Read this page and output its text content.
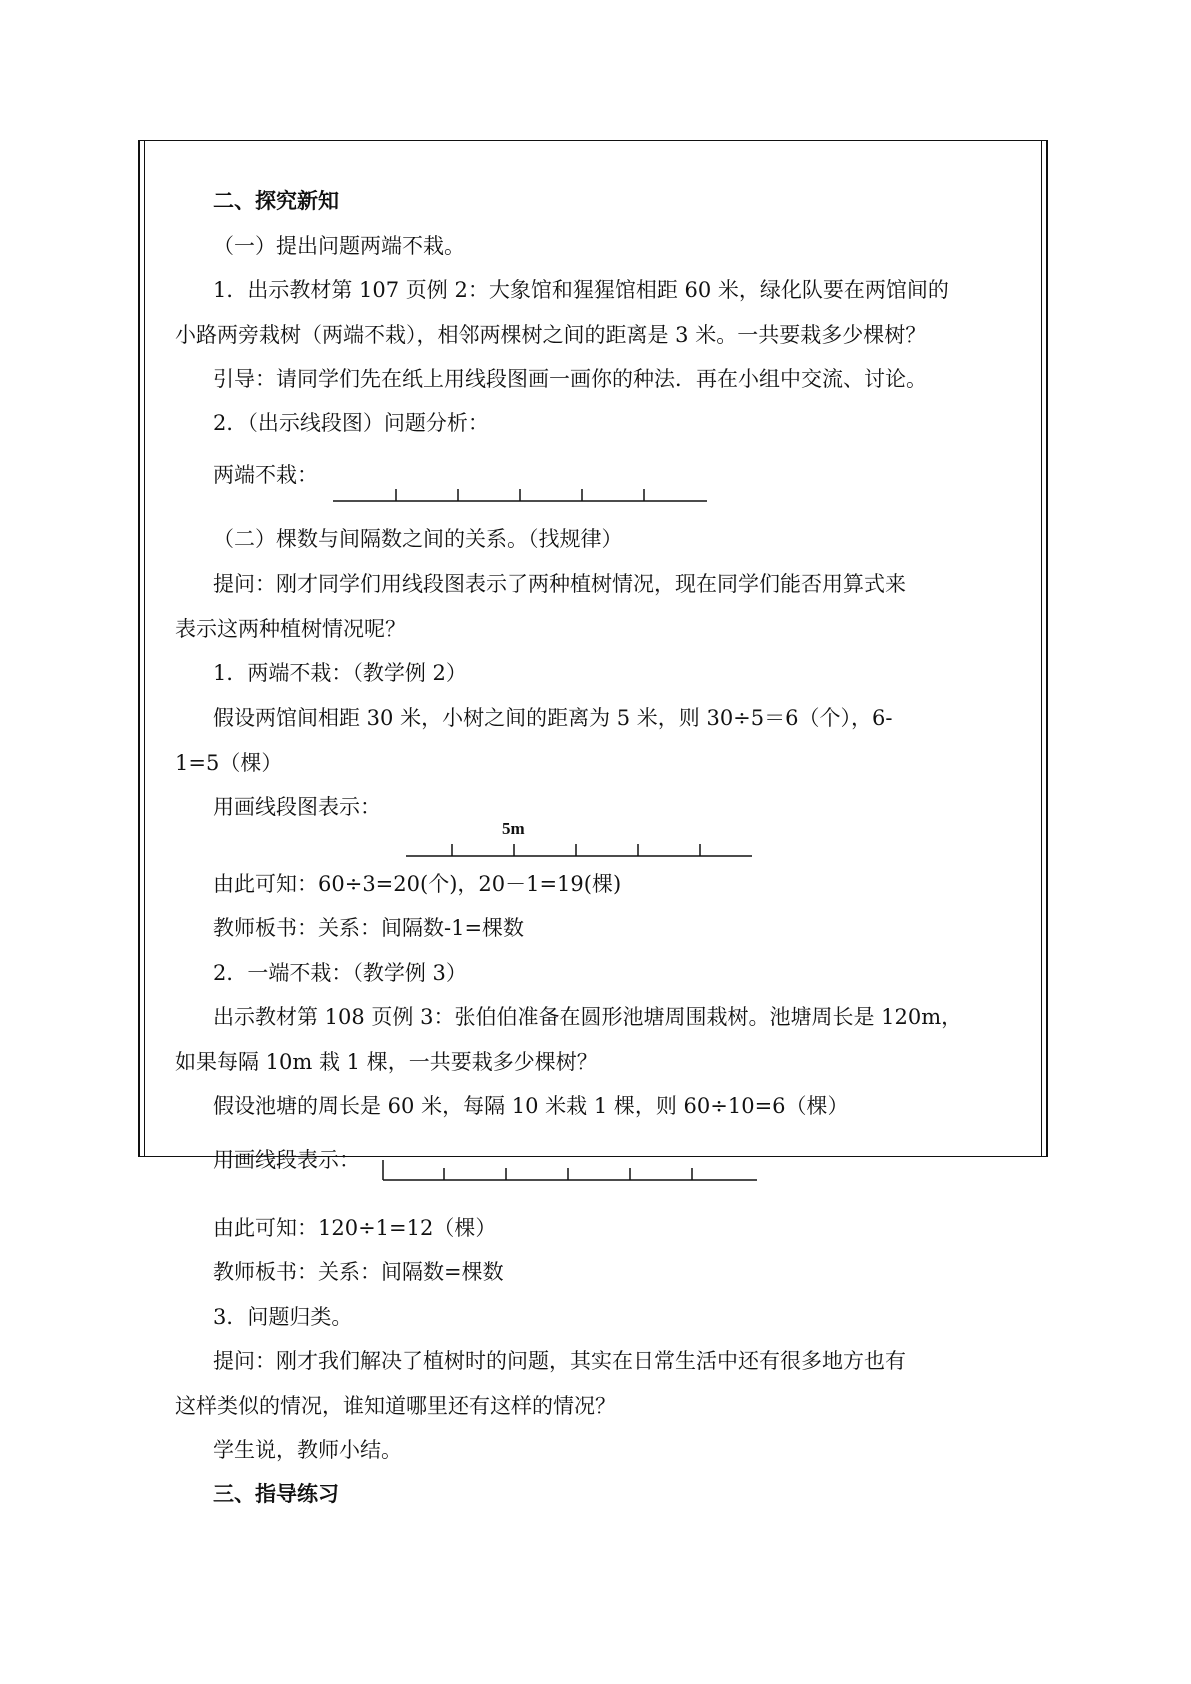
二、探究新知
（一）提出问题两端不栽。
1．出示教材第 107 页例 2：大象馆和猩猩馆相距 60 米，绿化队要在两馆间的
小路两旁栽树（两端不栽），相邻两棵树之间的距离是 3 米。一共要栽多少棵树？
引导：请同学们先在纸上用线段图画一画你的种法．再在小组中交流、讨论。
2．（出示线段图）问题分析：
两端不栽：
（二）棵数与间隔数之间的关系。（找规律）
提问：刚才同学们用线段图表示了两种植树情况，现在同学们能否用算式来
表示这两种植树情况呢？
1．两端不栽：（教学例 2）
假设两馆间相距 30 米，小树之间的距离为 5 米，则 30÷5＝6（个），6-
1=5（棵）
用画线段图表示：
5m
由此可知：60÷3=20(个)，20－1=19(棵)
教师板书：关系：间隔数-1=棵数
2．一端不栽：（教学例 3）
出示教材第 108 页例 3：张伯伯准备在圆形池塘周围栽树。池塘周长是 120m，
如果每隔 10m 栽 1 棵，一共要栽多少棵树？
假设池塘的周长是 60 米，每隔 10 米栽 1 棵，则 60÷10=6（棵）
用画线段表示：
由此可知：120÷1=12（棵）
教师板书：关系：间隔数=棵数
3．问题归类。
提问：刚才我们解决了植树时的问题，其实在日常生活中还有很多地方也有
这样类似的情况，谁知道哪里还有这样的情况？
学生说，教师小结。
三、指导练习
